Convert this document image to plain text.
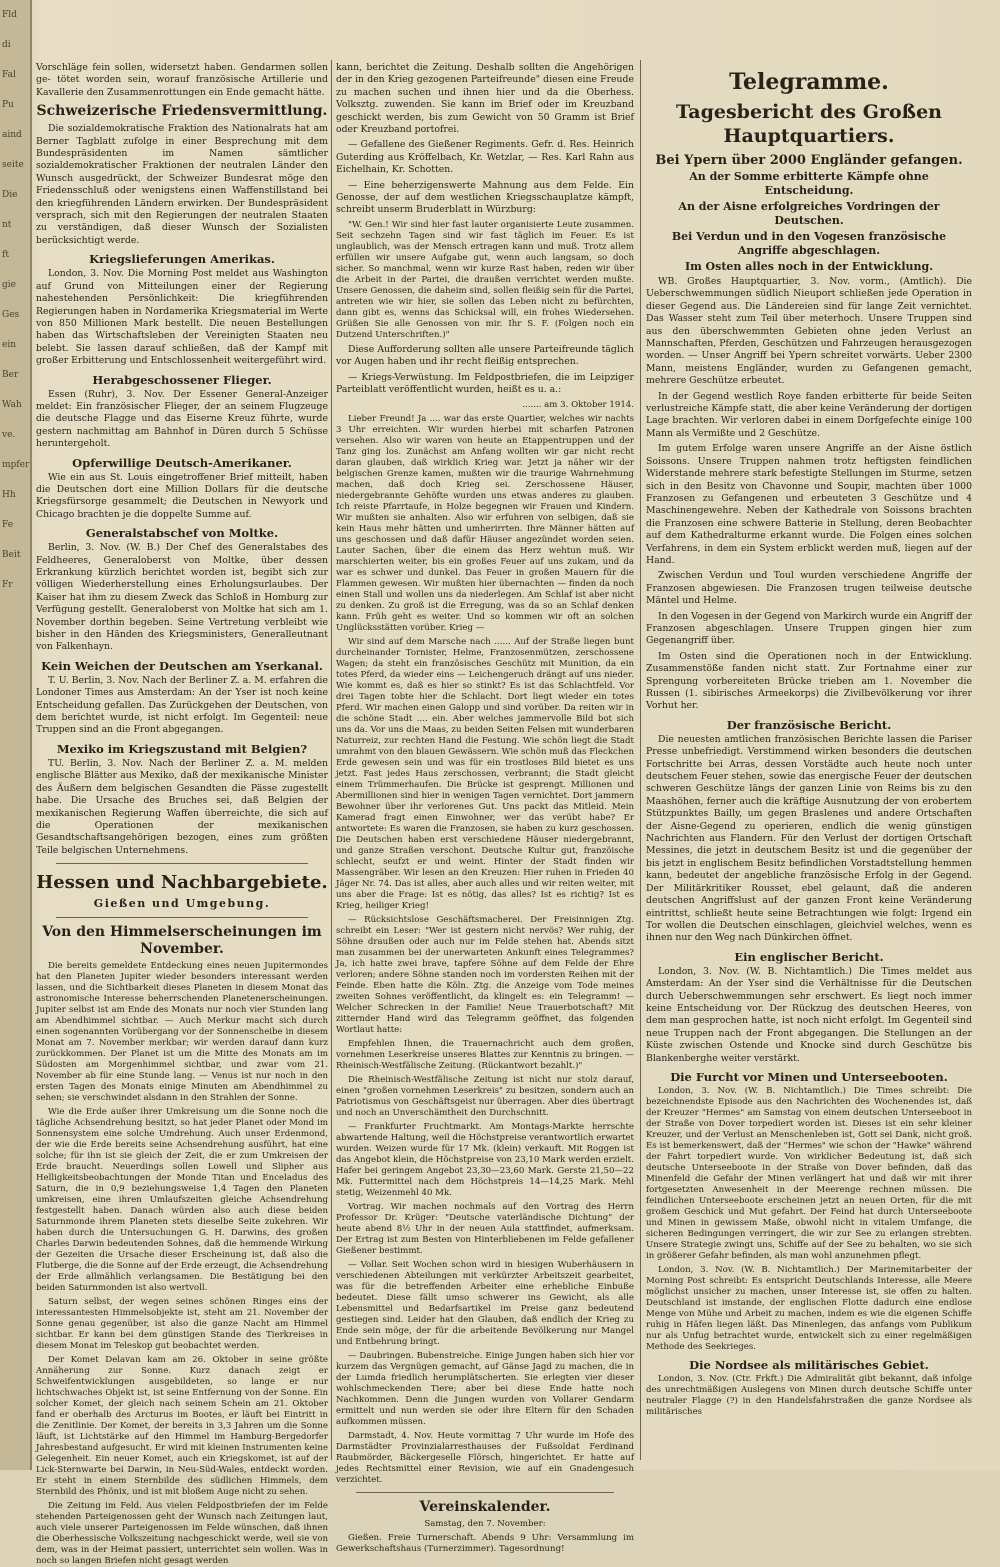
Fld
di
Fal
Pu
aind
seite
Die
nt
ft
gie
Ges
ein
Ber
Wah
ve.
mpfer
Hh
Fe
Beit
Fr

Vorschläge fein sollen, widersetzt haben. Gendarmen sollen ge- tötet worden sein, worauf französische Artillerie und Kavallerie den Zusammenrottungen ein Ende gemacht hätte.

Schweizerische Friedensvermittlung.

Die sozialdemokratische Fraktion des Nationalrats hat am Berner Tagblatt zufolge in einer Besprechung mit dem Bundespräsidenten im Namen sämtlicher sozialdemokratischer Fraktionen der neutralen Länder den Wunsch ausgedrückt, der Schweizer Bundesrat möge den Friedensschluß oder wenigstens einen Waffenstillstand bei den kriegführenden Ländern erwirken. Der Bundespräsident versprach, sich mit den Regierungen der neutralen Staaten zu verständigen, daß dieser Wunsch der Sozialisten berücksichtigt werde.

Kriegslieferungen Amerikas.

London, 3. Nov. Die Morning Post meldet aus Washington auf Grund von Mitteilungen einer der Regierung nahestehenden Persönlichkeit: Die kriegführenden Regierungen haben in Nordamerika Kriegsmaterial im Werte von 850 Millionen Mark bestellt. Die neuen Bestellungen haben das Wirtschaftsleben der Vereinigten Staaten neu belebt. Sie lassen darauf schließen, daß der Kampf mit großer Erbitterung und Entschlossenheit weitergeführt wird.

Herabgeschossener Flieger.

Essen (Ruhr), 3. Nov. Der Essener General-Anzeiger meldet: Ein französischer Flieger, der an seinem Flugzeuge die deutsche Flagge und das Eiserne Kreuz führte, wurde gestern nachmittag am Bahnhof in Düren durch 5 Schüsse heruntergeholt.

Opferwillige Deutsch-Amerikaner.

Wie ein aus St. Louis eingetroffener Brief mitteilt, haben die Deutschen dort eine Million Dollars für die deutsche Kriegsfürsorge gesammelt; die Deutschen in Newyork und Chicago brachten je die doppelte Summe auf.

Generalstabschef von Moltke.

Berlin, 3. Nov. (W. B.) Der Chef des Generalstabes des Feldheeres, Generaloberst von Moltke, über dessen Erkrankung kürzlich berichtet worden ist, begibt sich zur völligen Wiederherstellung eines Erholungsurlaubes. Der Kaiser hat ihm zu diesem Zweck das Schloß in Homburg zur Verfügung gestellt. Generaloberst von Moltke hat sich am 1. November dorthin begeben. Seine Vertretung verbleibt wie bisher in den Händen des Kriegsministers, Generalleutnant von Falkenhayn.

Kein Weichen der Deutschen am Yserkanal.

T. U. Berlin, 3. Nov. Nach der Berliner Z. a. M. erfahren die Londoner Times aus Amsterdam: An der Yser ist noch keine Entscheidung gefallen. Das Zurückgehen der Deutschen, von dem berichtet wurde, ist nicht erfolgt. Im Gegenteil: neue Truppen sind an die Front abgegangen.

Mexiko im Kriegszustand mit Belgien?

TU. Berlin, 3. Nov. Nach der Berliner Z. a. M. melden englische Blätter aus Mexiko, daß der mexikanische Minister des Äußern dem belgischen Gesandten die Pässe zugestellt habe. Die Ursache des Bruches sei, daß Belgien der mexikanischen Regierung Waffen überreichte, die sich auf die Operationen der mexikanischen Gesandtschaftsangehörigen bezogen, eines zum größten Teile belgischen Unternehmens.

Hessen und Nachbargebiete.
Gießen und Umgebung.
Von den Himmelserscheinungen im November.

Die bereits gemeldete Entdeckung eines neuen Jupitermondes hat den Planeten Jupiter wieder besonders interessant werden lassen, und die Sichtbarkeit dieses Planeten in diesem Monat das astronomische Interesse beherrschenden Planetenerscheinungen. Jupiter selbst ist am Ende des Monats nur noch vier Stunden lang am Abendhimmel sichtbar. — Auch Merkur macht sich durch einen sogenannten Vorübergang vor der Sonnenscheibe in diesem Monat am 7. November merkbar; wir werden darauf dann kurz zurückkommen. Der Planet ist um die Mitte des Monats am im Südosten am Morgenhimmel sichtbar, und zwar vom 21. November ab für eine Stunde lang. — Venus ist nur noch in den ersten Tagen des Monats einige Minuten am Abendhimmel zu sehen; sie verschwindet alsdann in den Strahlen der Sonne.

Wie die Erde außer ihrer Umkreisung um die Sonne noch die tägliche Achsendrehung besitzt, so hat jeder Planet oder Mond im Sonnensystem eine solche Umdrehung. Auch unser Erdenmond, der wie die Erde bereits seine Achsendrehung ausführt, hat eine solche; für ihn ist sie gleich der Zeit, die er zum Umkreisen der Erde braucht. Neuerdings sollen Lowell und Slipher aus Helligkeitsbeobachtungen der Monde Titan und Enceladus des Saturn, die in 0,9 beziehungsweise 1,4 Tagen den Planeten umkreisen, eine ihren Umlaufszeiten gleiche Achsendrehung festgestellt haben. Danach würden also auch diese beiden Saturnmonde ihrem Planeten stets dieselbe Seite zukehren. Wir haben durch die Untersuchungen G. H. Darwins, des großen Charles Darwin bedeutenden Sohnes, daß die hemmende Wirkung der Gezeiten die Ursache dieser Erscheinung ist, daß also die Flutberge, die die Sonne auf der Erde erzeugt, die Achsendrehung der Erde allmählich verlangsamen. Die Bestätigung bei den beiden Saturnmonden ist also wertvoll.

Saturn selbst, der wegen seines schönen Ringes eins der interessantesten Himmelsobjekte ist, steht am 21. November der Sonne genau gegenüber, ist also die ganze Nacht am Himmel sichtbar. Er kann bei dem günstigen Stande des Tierkreises in diesem Monat im Teleskop gut beobachtet werden.

Der Komet Delavan kam am 26. Oktober in seine größte Annäherung zur Sonne. Kurz danach zeigt er Schweifentwicklungen ausgebildeten, so lange er nur lichtschwaches Objekt ist, ist seine Entfernung von der Sonne. Ein solcher Komet, der gleich nach seinem Schein am 21. Oktober fand er oberhalb des Arcturus im Bootes, er läuft bei Eintritt in die Zenitlinie. Der Komet, der bereits in 3,3 Jahren um die Sonne läuft, ist Lichtstärke auf den Himmel im Hamburg-Bergedorfer Jahresbestand aufgesucht. Er wird mit kleinen Instrumenten keine Gelegenheit. Ein neuer Komet, auch ein Kriegskomet, ist auf der Lick-Sternwarte bei Darwin, in Neu-Süd-Wales, entdeckt worden. Er steht in einem Sternbilde des südlichen Himmels, dem Sternbild des Phönix, und ist mit bloßem Auge nicht zu sehen.

Die Zeitung im Feld. Aus vielen Feldpostbriefen der im Felde stehenden Parteigenossen geht der Wunsch nach Zeitungen laut, auch viele unserer Parteigenossen im Felde wünschen, daß ihnen die Oberhessische Volkszeitung nachgeschickt werde, weil sie von dem, was in der Heimat passiert, unterrichtet sein wollen. Was in noch so langen Briefen nicht gesagt werden

kann, berichtet die Zeitung. Deshalb sollten die Angehörigen der in den Krieg gezogenen Parteifreunde" diesen eine Freude zu machen suchen und ihnen hier und da die Oberhess. Volksztg. zuwenden. Sie kann im Brief oder im Kreuzband geschickt werden, bis zum Gewicht von 50 Gramm ist Brief oder Kreuzband portofrei.

— Gefallene des Gießener Regiments. Gefr. d. Res. Heinrich Guterding aus Kröffelbach, Kr. Wetzlar, — Res. Karl Rahn aus Eichelhain, Kr. Schotten.

— Eine beherzigenswerte Mahnung aus dem Felde. Ein Genosse, der auf dem westlichen Kriegsschauplatze kämpft, schreibt unserm Bruderblatt in Würzburg:

"W. Gen.! Wir sind hier fast lauter organisierte Leute zusammen. Seit sechzehn Tagen sind wir fast täglich im Feuer. Es ist unglaublich, was der Mensch ertragen kann und muß. Trotz allem erfüllen wir unsere Aufgabe gut, wenn auch langsam, so doch sicher. So manchmal, wenn wir kurze Rast haben, reden wir über die Arbeit in der Partei, die draußen verrichtet werden mußte. Unsere Genossen, die daheim sind, sollen fleißig sein für die Partei, antreten wie wir hier, sie sollen das Leben nicht zu befürchten, dann gibt es, wenns das Schicksal will, ein frohes Wiedersehen. Grüßen Sie alle Genossen von mir. Ihr S. F. (Folgen noch ein Dutzend Unterschriften.)"

Diese Aufforderung sollten alle unsere Parteifreunde täglich vor Augen haben und ihr recht fleißig entsprechen.

— Kriegs-Verwüstung. Im Feldpostbriefen, die im Leipziger Parteiblatt veröffentlicht wurden, heißt es u. a.:

....... am 3. Oktober 1914.

Lieber Freund! Ja .... war das erste Quartier, welches wir nachts 3 Uhr erreichten. Wir wurden hierbei mit scharfen Patronen versehen. Also wir waren von heute an Etappentruppen und der Tanz ging los. Zunächst am Anfang wollten wir gar nicht recht daran glauben, daß wirklich Krieg war. Jetzt ja näher wir der belgischen Grenze kamen, mußten wir die traurige Wahrnehmung machen, daß doch Krieg sei. Zerschossene Häuser, niedergebrannte Gehöfte wurden uns etwas anderes zu glauben. Ich reiste Pfarrtaufe, in Holze begegnen wir Frauen und Kindern. Wir mußten sie anhalten. Also wir erfuhren von selbigen, daß sie kein Haus mehr hätten und umherirrten. Ihre Männer hätten auf uns geschossen und daß dafür Häuser angezündet worden seien. Lauter Sachen, über die einem das Herz wehtun muß. Wir marschierten weiter, bis ein großes Feuer auf uns zukam, und da war es schwer und dunkel. Das Feuer in großen Mauern für die Flammen gewesen. Wir mußten hier übernachten — finden da noch einen Stall und wollen uns da niederlegen. Am Schlaf ist aber nicht zu denken. Zu groß ist die Erregung, was da so an Schlaf denken kann. Früh geht es weiter. Und so kommen wir oft an solchen Unglücksstätten vorüber. Krieg —

Wir sind auf dem Marsche nach ...... Auf der Straße liegen bunt durcheinander Tornister, Helme, Franzosenmützen, zerschossene Wagen; da steht ein französisches Geschütz mit Munition, da ein totes Pferd, da wieder eins — Leichengeruch drängt auf uns nieder. Wie kommt es, daß es hier so stinkt? Es ist das Schlachtfeld. Vor drei Tagen tobte hier die Schlacht. Dort liegt wieder ein totes Pferd. Wir machen einen Galopp und sind vorüber. Da reiten wir in die schöne Stadt .... ein. Aber welches jammervolle Bild bot sich uns da. Vor uns die Maas, zu beiden Seiten Felsen mit wunderbaren Naturreiz, zur rechten Hand die Festung. Wie schön liegt die Stadt umrahmt von den blauen Gewässern. Wie schön muß das Fleckchen Erde gewesen sein und was für ein trostloses Bild bietet es uns jetzt. Fast jedes Haus zerschossen, verbrannt; die Stadt gleicht einem Trümmerhaufen. Die Brücke ist gesprengt. Millionen und Abermillionen sind hier in wenigen Tagen vernichtet. Dort jammern Bewohner über ihr verlorenes Gut. Uns packt das Mitleid. Mein Kamerad fragt einen Einwohner, wer das verübt habe? Er antwortete: Es waren die Franzosen, sie haben zu kurz geschossen. Die Deutschen haben erst verschiedene Häuser niedergebrannt, und ganze Straßen verschont. Deutsche Kultur gut, franzöische schlecht, seufzt er und weint. Hinter der Stadt finden wir Massengräber. Wir lesen an den Kreuzen: Hier ruhen in Frieden 40 Jäger Nr. 74. Das ist alles, aber auch alles und wir reiten weiter, mit uns aber die Frage: Ist es nötig, das alles? Ist es richtig? Ist es Krieg, heiliger Krieg!

— Rücksichtslose Geschäftsmacherei. Der Freisinnigen Ztg. schreibt ein Leser: "Wer ist gestern nicht nervös? Wer ruhig, der Söhne draußen oder auch nur im Felde stehen hat. Abends sitzt man zusammen bei der unerwarteten Ankunft eines Telegrammes? Ja, ich hatte zwei brave, tapfere Söhne auf dem Felde der Ehre verloren; andere Söhne standen noch im vordersten Reihen mit der Feinde. Eben hatte die Köln. Ztg. die Anzeige vom Tode meines zweiten Sohnes veröffentlicht, da klingelt es: ein Telegramm! — Welcher Schrecken in der Familie! Neue Trauerbotschaft? Mit zitternder Hand wird das Telegramm geöffnet, das folgenden Wortlaut hatte:

Empfehlen Ihnen, die Trauernachricht auch dem großen, vornehmen Leserkreise unseres Blattes zur Kenntnis zu bringen. — Rheinisch-Westfälische Zeitung. (Rückantwort bezahlt.)"

Die Rheinisch-Westfälische Zeitung ist nicht nur stolz darauf, einen "großen vornehmen Leserkreis" zu besitzen, sondern auch an Patriotismus von Geschäftsgeist nur überragen. Aber dies übertragt und noch an Unverschämtheit den Durchschnitt.

— Frankfurter Fruchtmarkt. Am Montags-Markte herrschte abwartende Haltung, weil die Höchstpreise verantwortlich erwartet wurden. Weizen wurde für 17 Mk. (klein) verkauft. Mit Roggen ist das Angebot klein, die Höchstpreise von 23,10 Mark werden erzielt. Hafer bei geringem Angebot 23,30—23,60 Mark. Gerste 21,50—22 Mk. Futtermittel nach dem Höchstpreis 14—14,25 Mark. Mehl stetig, Weizenmehl 40 Mk.

Vortrag. Wir machen nochmals auf den Vortrag des Herrn Professor Dr. Krüger: "Deutsche vaterländische Dichtung" der heute abend 8½ Uhr in der neuen Aula stattfindet, aufmerksam. Der Ertrag ist zum Besten von Hinterbliebenen im Felde gefallener Gießener bestimmt.

— Vollar. Seit Wochen schon wird in hiesigen Wuberhäusern in verschiedenen Abteilungen mit verkürzter Arbeitszeit gearbeitet, was für die betreffenden Arbeiter eine erhebliche Einbuße bedeutet. Diese fällt umso schwerer ins Gewicht, als alle Lebensmittel und Bedarfsartikel im Preise ganz bedeutend gestiegen sind. Leider hat den Glauben, daß endlich der Krieg zu Ende sein möge, der für die arbeitende Bevölkerung nur Mangel und Entbehrung bringt.

— Daubringen. Bubenstreiche. Einige Jungen haben sich hier vor kurzem das Vergnügen gemacht, auf Gänse Jagd zu machen, die in der Lumda friedlich herumplätscherten. Sie erlegten vier dieser wohlschmeckenden Tiere; aber bei diese Ende hatte noch Nachkommen. Denn die Jungen wurden von Vollarer Gendarm ermittelt und nun werden sie oder ihre Eltern für den Schaden aufkommen müssen.

Darmstadt, 4. Nov. Heute vormittag 7 Uhr wurde im Hofe des Darmstädter Provinzialarresthauses der Fußsoldat Ferdinand Raubmörder, Bäckergeselle Flörsch, hingerichtet. Er hatte auf jedes Rechtsmittel einer Revision, wie auf ein Gnadengesuch verzichtet.

Vereinskalender.

Samstag, den 7. November:

Gießen. Freie Turnerschaft. Abends 9 Uhr: Versammlung im Gewerkschaftshaus (Turnerzimmer). Tagesordnung!

Telegramme.
Tagesbericht des Großen Hauptquartiers.
Bei Ypern über 2000 Engländer gefangen.
An der Somme erbitterte Kämpfe ohne Entscheidung.
An der Aisne erfolgreiches Vordringen der Deutschen.
Bei Verdun und in den Vogesen französische Angriffe abgeschlagen.
Im Osten alles noch in der Entwicklung.

WB. Großes Hauptquartier, 3. Nov. vorm., (Amtlich). Die Ueberschwemmungen südlich Nieuport schließen jede Operation in dieser Gegend aus. Die Ländereien sind für lange Zeit vernichtet. Das Wasser steht zum Teil über meterhoch. Unsere Truppen sind aus den überschwemmten Gebieten ohne jeden Verlust an Mannschaften, Pferden, Geschützen und Fahrzeugen herausgezogen worden. — Unser Angriff bei Ypern schreitet vorwärts. Ueber 2300 Mann, meistens Engländer, wurden zu Gefangenen gemacht, mehrere Geschütze erbeutet.

In der Gegend westlich Roye fanden erbitterte für beide Seiten verlustreiche Kämpfe statt, die aber keine Veränderung der dortigen Lage brachten. Wir verloren dabei in einem Dorfgefechte einige 100 Mann als Vermißte und 2 Geschütze.

Im gutem Erfolge waren unsere Angriffe an der Aisne östlich Soissons. Unsere Truppen nahmen trotz heftigsten feindlichen Widerstande mehrere stark befestigte Stellungen im Sturme, setzen sich in den Besitz von Chavonne und Soupir, machten über 1000 Franzosen zu Gefangenen und erbeuteten 3 Geschütze und 4 Maschinengewehre. Neben der Kathedrale von Soissons brachten die Franzosen eine schwere Batterie in Stellung, deren Beobachter auf dem Kathedralturme erkannt wurde. Die Folgen eines solchen Verfahrens, in dem ein System erblickt werden muß, liegen auf der Hand.

Zwischen Verdun und Toul wurden verschiedene Angriffe der Franzosen abgewiesen. Die Franzosen trugen teilweise deutsche Mäntel und Helme.

In den Vogesen in der Gegend von Markirch wurde ein Angriff der Franzosen abgeschlagen. Unsere Truppen gingen hier zum Gegenangriff über.

Im Osten sind die Operationen noch in der Entwicklung. Zusammenstöße fanden nicht statt. Zur Fortnahme einer zur Sprengung vorbereiteten Brücke trieben am 1. November die Russen (1. sibirisches Armeekorps) die Zivilbevölkerung vor ihrer Vorhut her.

Der französische Bericht.

Die neuesten amtlichen französischen Berichte lassen die Pariser Presse unbefriedigt. Verstimmend wirken besonders die deutschen Fortschritte bei Arras, dessen Vorstädte auch heute noch unter deutschem Feuer stehen, sowie das energische Feuer der deutschen schweren Geschütze längs der ganzen Linie von Reims bis zu den Maashöhen, ferner auch die kräftige Ausnutzung der von erobertem Stützpunktes Bailly, um gegen Braslenes und andere Ortschaften der Aisne-Gegend zu operieren, endlich die wenig günstigen Nachrichten aus Flandern. Für den Verlust der dortigen Ortschaft Messines, die jetzt in deutschem Besitz ist und die gegenüber der bis jetzt in englischem Besitz befindlichen Vorstadtstellung hemmen kann, bedeutet der angebliche französische Erfolg in der Gegend. Der Militärkritiker Rousset, ebel gelaunt, daß die anderen deutschen Angriffslust auf der ganzen Front keine Veränderung eintrittst, schließt heute seine Betrachtungen wie folgt: Irgend ein Tor wollen die Deutschen einschlagen, gleichviel welches, wenn es ihnen nur den Weg nach Dünkirchen öffnet.

Ein englischer Bericht.

London, 3. Nov. (W. B. Nichtamtlich.) Die Times meldet aus Amsterdam: An der Yser sind die Verhältnisse für die Deutschen durch Ueberschwemmungen sehr erschwert. Es liegt noch immer keine Entscheidung vor. Der Rückzug des deutschen Heeres, von dem man gesprochen hatte, ist noch nicht erfolgt. Im Gegenteil sind neue Truppen nach der Front abgegangen. Die Stellungen an der Küste zwischen Ostende und Knocke sind durch Geschütze bis Blankenberghe weiter verstärkt.

Die Furcht vor Minen und Unterseebooten.

London, 3. Nov. (W. B. Nichtamtlich.) Die Times schreibt: Die bezeichnendste Episode aus den Nachrichten des Wochenendes ist, daß der Kreuzer "Hermes" am Samstag von einem deutschen Unterseeboot in der Straße von Dover torpediert worden ist. Dieses ist ein sehr kleiner Kreuzer, und der Verlust an Menschenleben ist, Gott sei Dank, nicht groß. Es ist bemerkenswert, daß der "Hermes" wie schon der "Hawke" während der Fahrt torpediert wurde. Von wirklicher Bedeutung ist, daß sich deutsche Unterseeboote in der Straße von Dover befinden, daß das Minenfeld die Gefahr der Minen verlängert hat und daß wir mit ihrer fortgesetzten Anwesenheit in der Meerenge rechnen müssen. Die feindlichen Unterseeboote erscheinen jetzt an neuen Orten, für die mit großem Geschick und Mut gefahrt. Der Feind hat durch Unterseeboote und Minen in gewissem Maße, obwohl nicht in vitalem Umfange, die sicheren Bedingungen verringert, die wir zur See zu erlangen strebten. Unsere Strategie zwingt uns, Schiffe auf der See zu behalten, wo sie sich in größerer Gefahr befinden, als man wohl anzunehmen pflegt.

London, 3. Nov. (W. B. Nichtamtlich.) Der Marinemitarbeiter der Morning Post schreibt: Es entspricht Deutschlands Interesse, alle Meere möglichst unsicher zu machen, unser Interesse ist, sie offen zu halten. Deutschland ist imstande, der englischen Flotte dadurch eine endlose Menge von Mühe und Arbeit zu machen, indem es wie die eigenen Schiffe ruhig in Häfen liegen läßt. Das Minenlegen, das anfangs vom Publikum nur als Unfug betrachtet wurde, entwickelt sich zu einer regelmäßigen Methode des Seekrieges.

Die Nordsee als militärisches Gebiet.

London, 3. Nov. (Ctr. Frkft.) Die Admiralität gibt bekannt, daß infolge des unrechtmäßigen Auslegens von Minen durch deutsche Schiffe unter neutraler Flagge (?) in den Handelsfahrstraßen die ganze Nordsee als militärisches
